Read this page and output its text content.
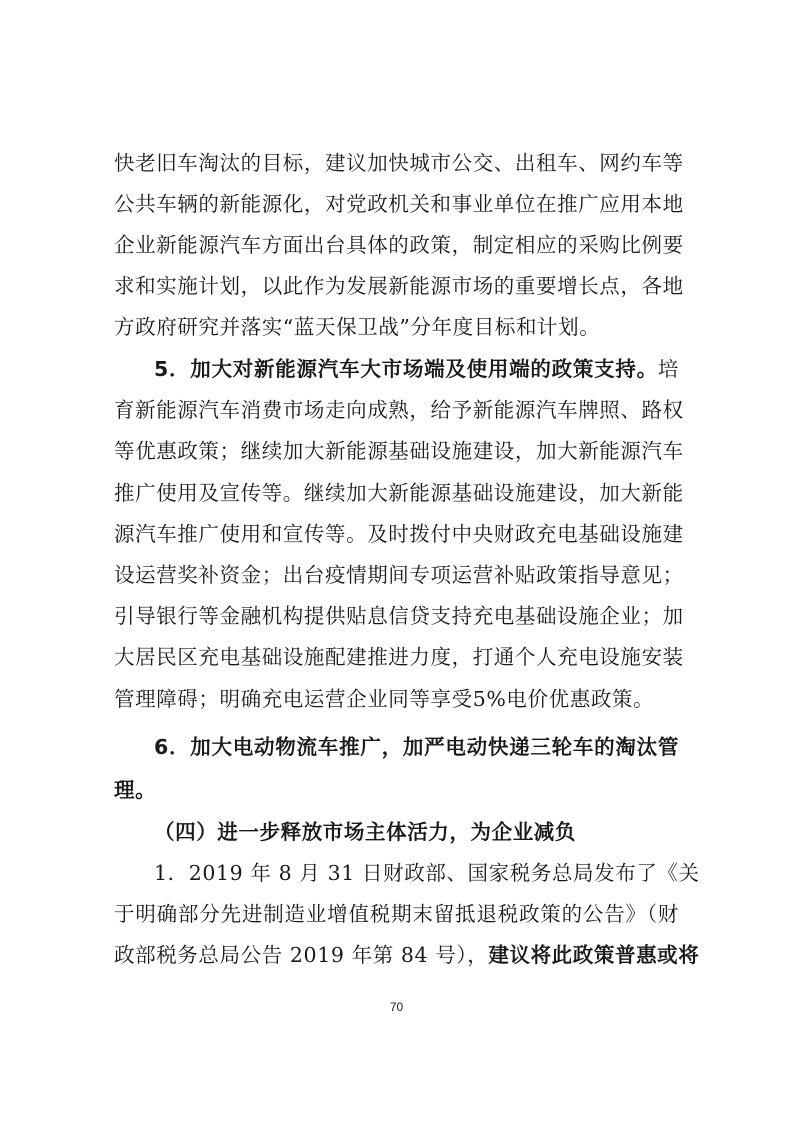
快老旧车淘汰的目标，建议加快城市公交、出租车、网约车等
公共车辆的新能源化，对党政机关和事业单位在推广应用本地
企业新能源汽车方面出台具体的政策，制定相应的采购比例要
求和实施计划，以此作为发展新能源市场的重要增长点，各地
方政府研究并落实“蓝天保卫战”分年度目标和计划。
5．加大对新能源汽车大市场端及使用端的政策支持。培
育新能源汽车消费市场走向成熟，给予新能源汽车牌照、路权
等优惠政策；继续加大新能源基础设施建设，加大新能源汽车
推广使用及宣传等。继续加大新能源基础设施建设，加大新能
源汽车推广使用和宣传等。及时拨付中央财政充电基础设施建
设运营奖补资金；出台疫情期间专项运营补贴政策指导意见；
引导银行等金融机构提供贴息信贷支持充电基础设施企业；加
大居民区充电基础设施配建推进力度，打通个人充电设施安装
管理障碍；明确充电运营企业同等享受5%电价优惠政策。
6．加大电动物流车推广，加严电动快递三轮车的淘汰管
理。
（四）进一步释放市场主体活力，为企业减负
1．2019 年 8 月 31 日财政部、国家税务总局发布了《关
于明确部分先进制造业增值税期末留抵退税政策的公告》（财
政部税务总局公告 2019 年第 84 号），建议将此政策普惠或将
70
